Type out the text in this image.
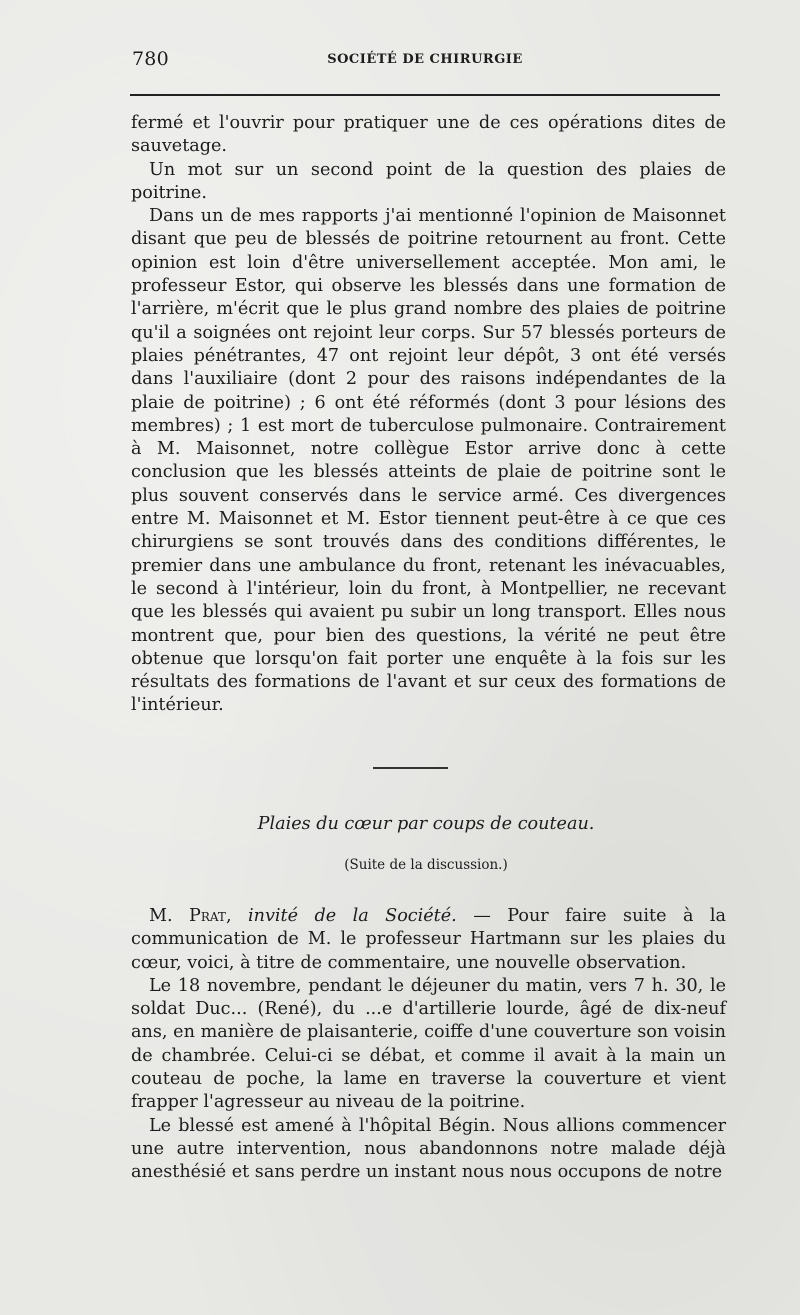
780	SOCIÉTÉ DE CHIRURGIE

fermé et l'ouvrir pour pratiquer une de ces opérations dites de sauvetage.

Un mot sur un second point de la question des plaies de poitrine.

Dans un de mes rapports j'ai mentionné l'opinion de Maisonnet disant que peu de blessés de poitrine retournent au front. Cette opinion est loin d'être universellement acceptée. Mon ami, le professeur Estor, qui observe les blessés dans une formation de l'arrière, m'écrit que le plus grand nombre des plaies de poitrine qu'il a soignées ont rejoint leur corps. Sur 57 blessés porteurs de plaies pénétrantes, 47 ont rejoint leur dépôt, 3 ont été versés dans l'auxiliaire (dont 2 pour des raisons indépendantes de la plaie de poitrine) ; 6 ont été réformés (dont 3 pour lésions des membres) ; 1 est mort de tuberculose pulmonaire. Contrairement à M. Maisonnet, notre collègue Estor arrive donc à cette conclusion que les blessés atteints de plaie de poitrine sont le plus souvent conservés dans le service armé. Ces divergences entre M. Maisonnet et M. Estor tiennent peut-être à ce que ces chirurgiens se sont trouvés dans des conditions différentes, le premier dans une ambulance du front, retenant les inévacuables, le second à l'intérieur, loin du front, à Montpellier, ne recevant que les blessés qui avaient pu subir un long transport. Elles nous montrent que, pour bien des questions, la vérité ne peut être obtenue que lorsqu'on fait porter une enquête à la fois sur les résultats des formations de l'avant et sur ceux des formations de l'intérieur.

Plaies du cœur par coups de couteau.
(Suite de la discussion.)

M. Prat, invité de la Société. — Pour faire suite à la communication de M. le professeur Hartmann sur les plaies du cœur, voici, à titre de commentaire, une nouvelle observation.

Le 18 novembre, pendant le déjeuner du matin, vers 7 h. 30, le soldat Duc... (René), du ...e d'artillerie lourde, âgé de dix-neuf ans, en manière de plaisanterie, coiffe d'une couverture son voisin de chambrée. Celui-ci se débat, et comme il avait à la main un couteau de poche, la lame en traverse la couverture et vient frapper l'agresseur au niveau de la poitrine.

Le blessé est amené à l'hôpital Bégin. Nous allions commencer une autre intervention, nous abandonnons notre malade déjà anesthésié et sans perdre un instant nous nous occupons de notre
